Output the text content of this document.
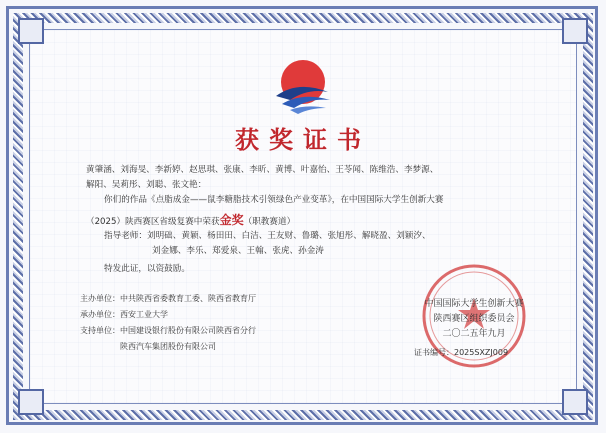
获奖证书
黄肇涵、刘海旻、李新婷、赵思琪、张康、李昕、黄博、叶嘉怡、王苓闻、陈维浩、李梦源、
解阳、吴莉彤、刘聪、张文艳：
你们的作品《点脂成金——鼠李糖脂技术引领绿色产业变革》，在中国国际大学生创新大赛
（2025）陕西赛区省级复赛中荣获金奖（职教赛道）
指导老师：刘明础、黄颖、杨田田、白洁、王友财、鲁璐、张旭彤、解晓盈、刘颖汐、
刘金娜、李乐、郑爱泉、王翰、张虎、孙金涛
特发此证，以资鼓励。
主办单位：中共陕西省委教育工委、陕西省教育厅
承办单位：西安工业大学
支持单位：中国建设银行股份有限公司陕西省分行
陕西汽车集团股份有限公司
中国国际大学生创新大赛
陕西赛区组织委员会
二〇二五年九月
证书编号：2025SXZJ009
